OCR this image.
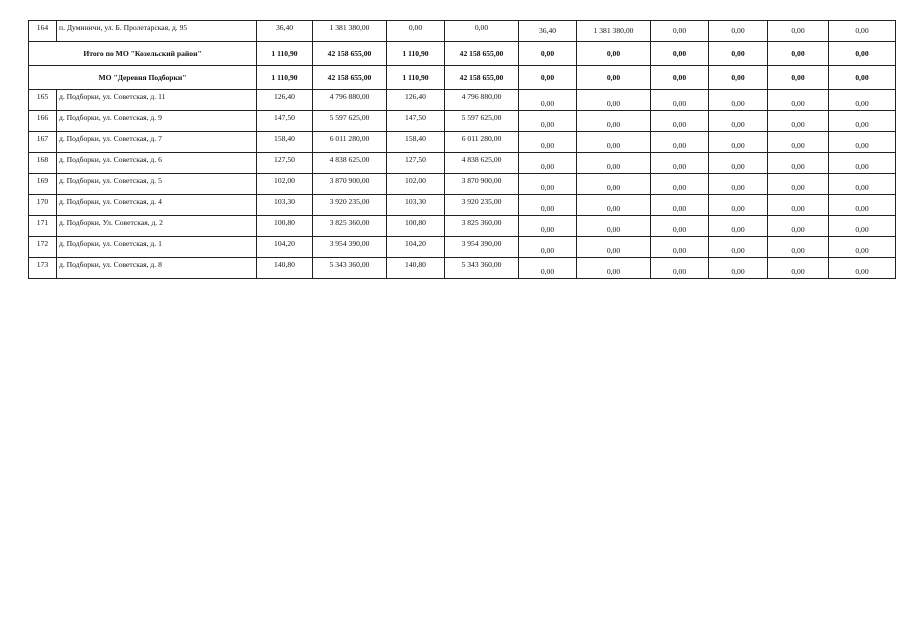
164	п. Думиничи, ул. Б. Пролетарская, д. 95	36,40	1 381 380,00	0,00	0,00	36,40	1 381 380,00	0,00	0,00	0,00	0,00
Итого по МО "Козельский район"		1 110,90	42 158 655,00	1 110,90	42 158 655,00	0,00	0,00	0,00	0,00	0,00	0,00
МО "Деревня Подборки"		1 110,90	42 158 655,00	1 110,90	42 158 655,00	0,00	0,00	0,00	0,00	0,00	0,00
165	д. Подборки, ул. Советская, д. 11	126,40	4 796 880,00	126,40	4 796 880,00	0,00	0,00	0,00	0,00	0,00	0,00
166	д. Подборки, ул. Советская, д. 9	147,50	5 597 625,00	147,50	5 597 625,00	0,00	0,00	0,00	0,00	0,00	0,00
167	д. Подборки, ул. Советская, д. 7	158,40	6 011 280,00	158,40	6 011 280,00	0,00	0,00	0,00	0,00	0,00	0,00
168	д. Подборки, ул. Советская, д. 6	127,50	4 838 625,00	127,50	4 838 625,00	0,00	0,00	0,00	0,00	0,00	0,00
169	д. Подборки, ул. Советская, д. 5	102,00	3 870 900,00	102,00	3 870 900,00	0,00	0,00	0,00	0,00	0,00	0,00
170	д. Подборки, ул. Советская, д. 4	103,30	3 920 235,00	103,30	3 920 235,00	0,00	0,00	0,00	0,00	0,00	0,00
171	д. Подборки, Ул. Советская, д. 2	100,80	3 825 360,00	100,80	3 825 360,00	0,00	0,00	0,00	0,00	0,00	0,00
172	д. Подборки, ул. Советская, д. 1	104,20	3 954 390,00	104,20	3 954 390,00	0,00	0,00	0,00	0,00	0,00	0,00
173	д. Подборки, ул. Советская, д. 8	140,80	5 343 360,00	140,80	5 343 360,00	0,00	0,00	0,00	0,00	0,00	0,00
